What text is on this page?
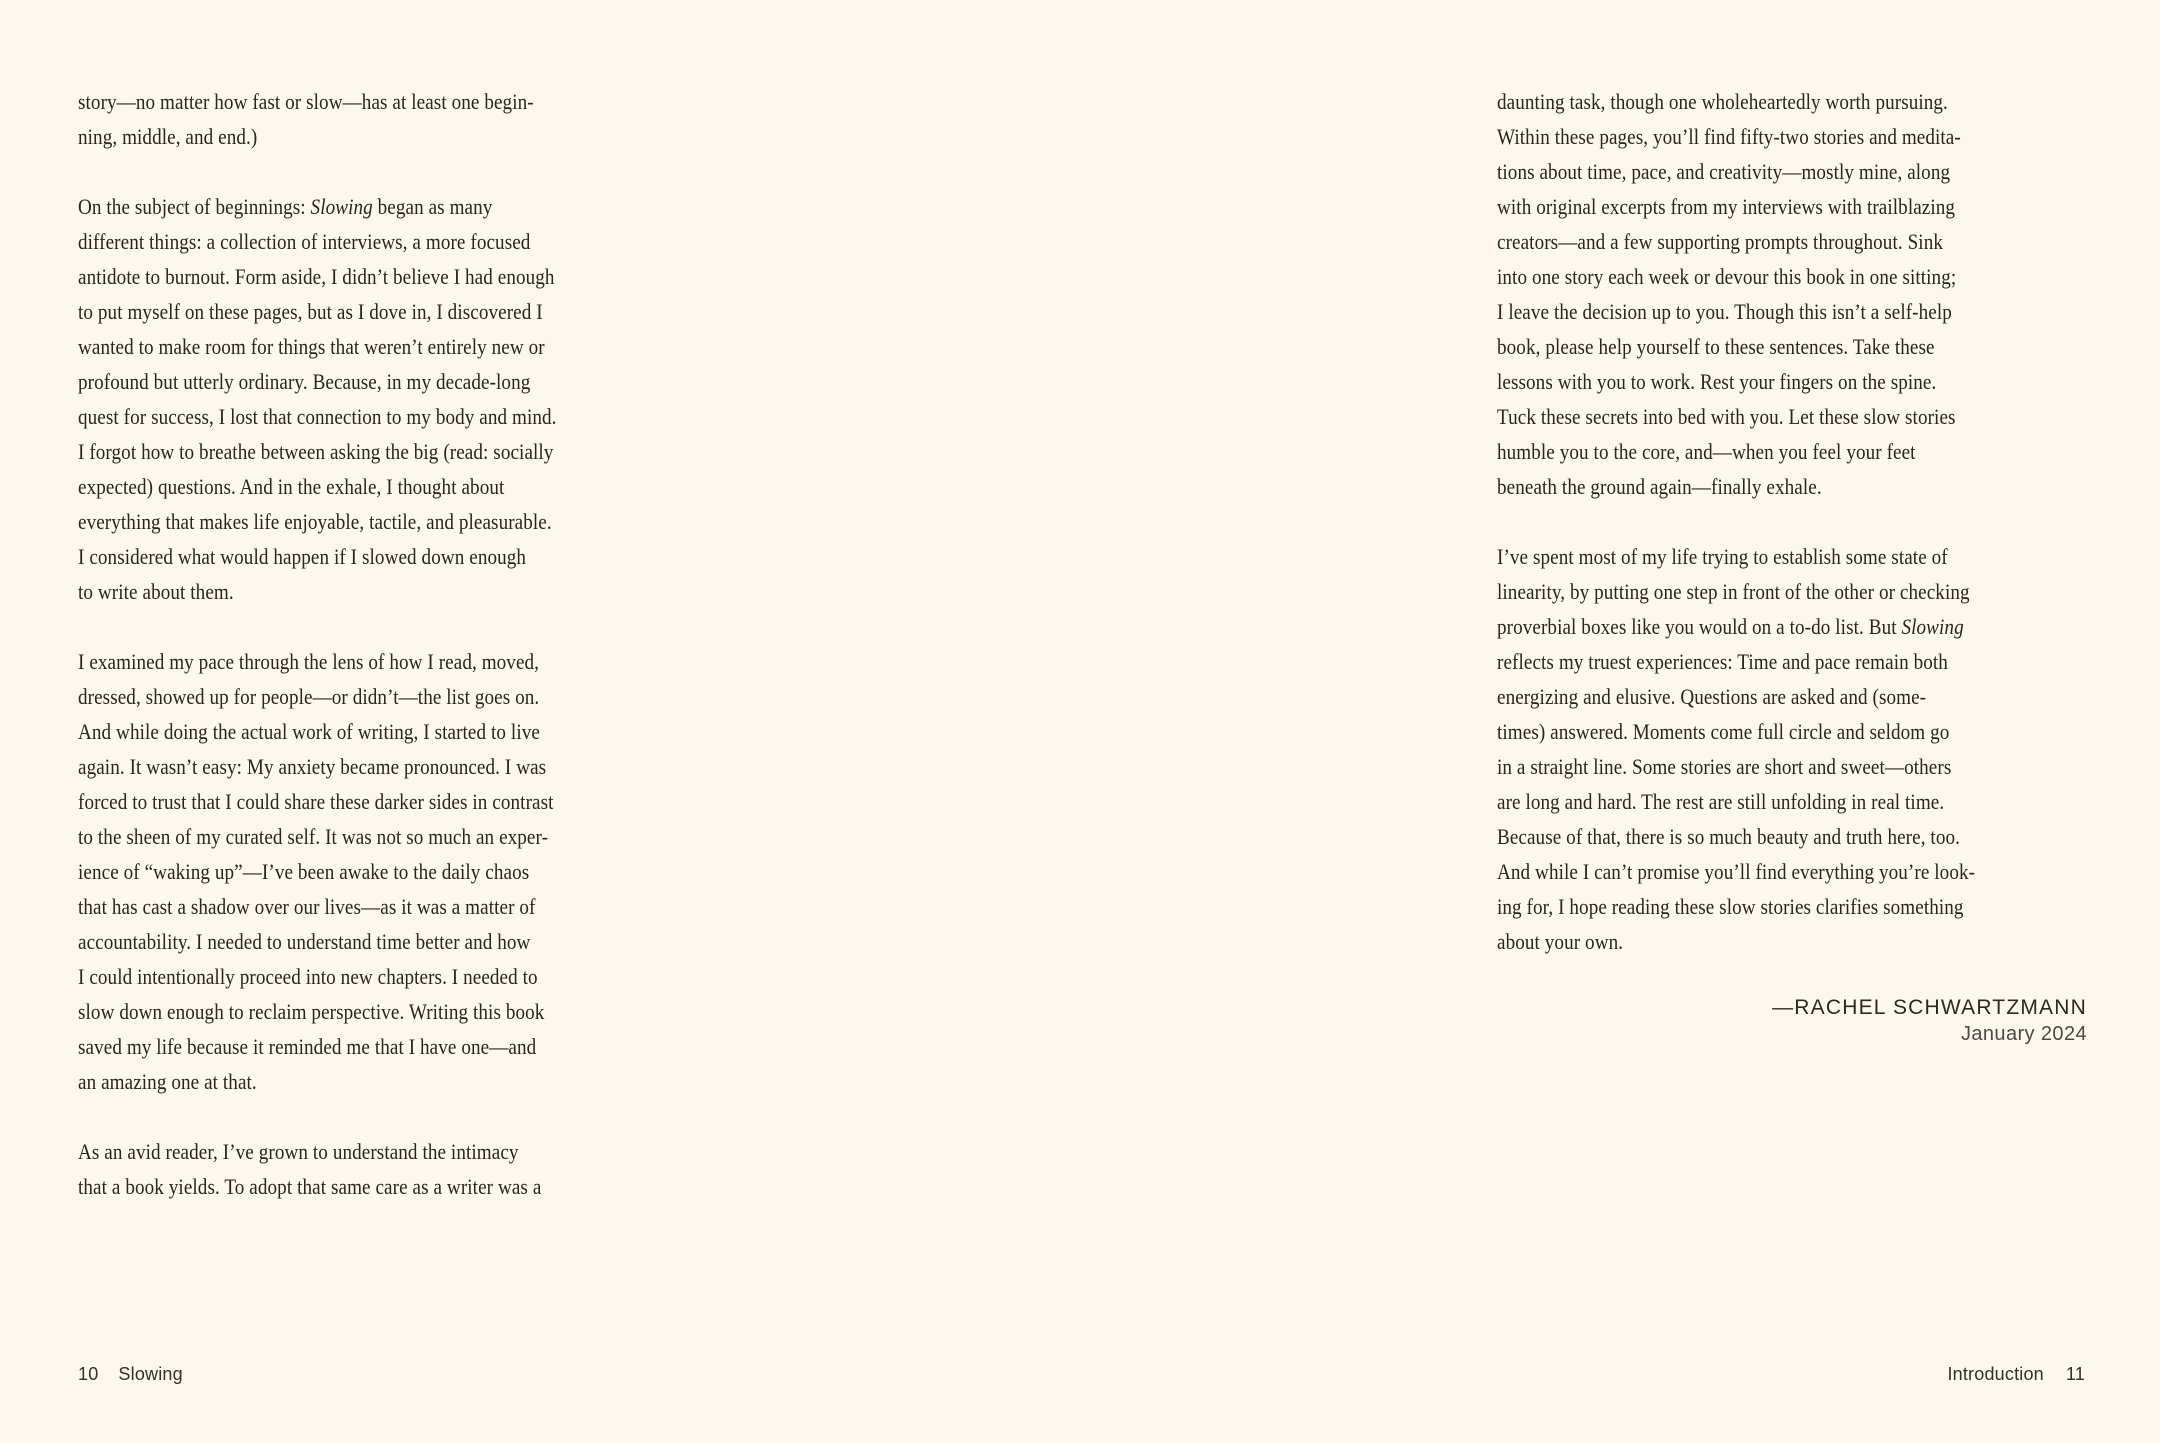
story—no matter how fast or slow—has at least one begin-
ning, middle, and end.)
On the subject of beginnings: Slowing began as many
different things: a collection of interviews, a more focused
antidote to burnout. Form aside, I didn’t believe I had enough
to put myself on these pages, but as I dove in, I discovered I
wanted to make room for things that weren’t entirely new or
profound but utterly ordinary. Because, in my decade-long
quest for success, I lost that connection to my body and mind.
I forgot how to breathe between asking the big (read: socially
expected) questions. And in the exhale, I thought about
everything that makes life enjoyable, tactile, and pleasurable.
I considered what would happen if I slowed down enough
to write about them.
I examined my pace through the lens of how I read, moved,
dressed, showed up for people—or didn’t—the list goes on.
And while doing the actual work of writing, I started to live
again. It wasn’t easy: My anxiety became pronounced. I was
forced to trust that I could share these darker sides in contrast
to the sheen of my curated self. It was not so much an exper-
ience of “waking up”—I’ve been awake to the daily chaos
that has cast a shadow over our lives—as it was a matter of
accountability. I needed to understand time better and how
I could intentionally proceed into new chapters. I needed to
slow down enough to reclaim perspective. Writing this book
saved my life because it reminded me that I have one—and
an amazing one at that.
As an avid reader, I’ve grown to understand the intimacy
that a book yields. To adopt that same care as a writer was a
daunting task, though one wholeheartedly worth pursuing.
Within these pages, you’ll find fifty-two stories and medita-
tions about time, pace, and creativity—mostly mine, along
with original excerpts from my interviews with trailblazing
creators—and a few supporting prompts throughout. Sink
into one story each week or devour this book in one sitting;
I leave the decision up to you. Though this isn’t a self-help
book, please help yourself to these sentences. Take these
lessons with you to work. Rest your fingers on the spine.
Tuck these secrets into bed with you. Let these slow stories
humble you to the core, and—when you feel your feet
beneath the ground again—finally exhale.
I’ve spent most of my life trying to establish some state of
linearity, by putting one step in front of the other or checking
proverbial boxes like you would on a to-do list. But Slowing
reflects my truest experiences: Time and pace remain both
energizing and elusive. Questions are asked and (some-
times) answered. Moments come full circle and seldom go
in a straight line. Some stories are short and sweet—others
are long and hard. The rest are still unfolding in real time.
Because of that, there is so much beauty and truth here, too.
And while I can’t promise you’ll find everything you’re look-
ing for, I hope reading these slow stories clarifies something
about your own.
—RACHEL SCHWARTZMANN
January 2024
10 Slowing	Introduction 11
